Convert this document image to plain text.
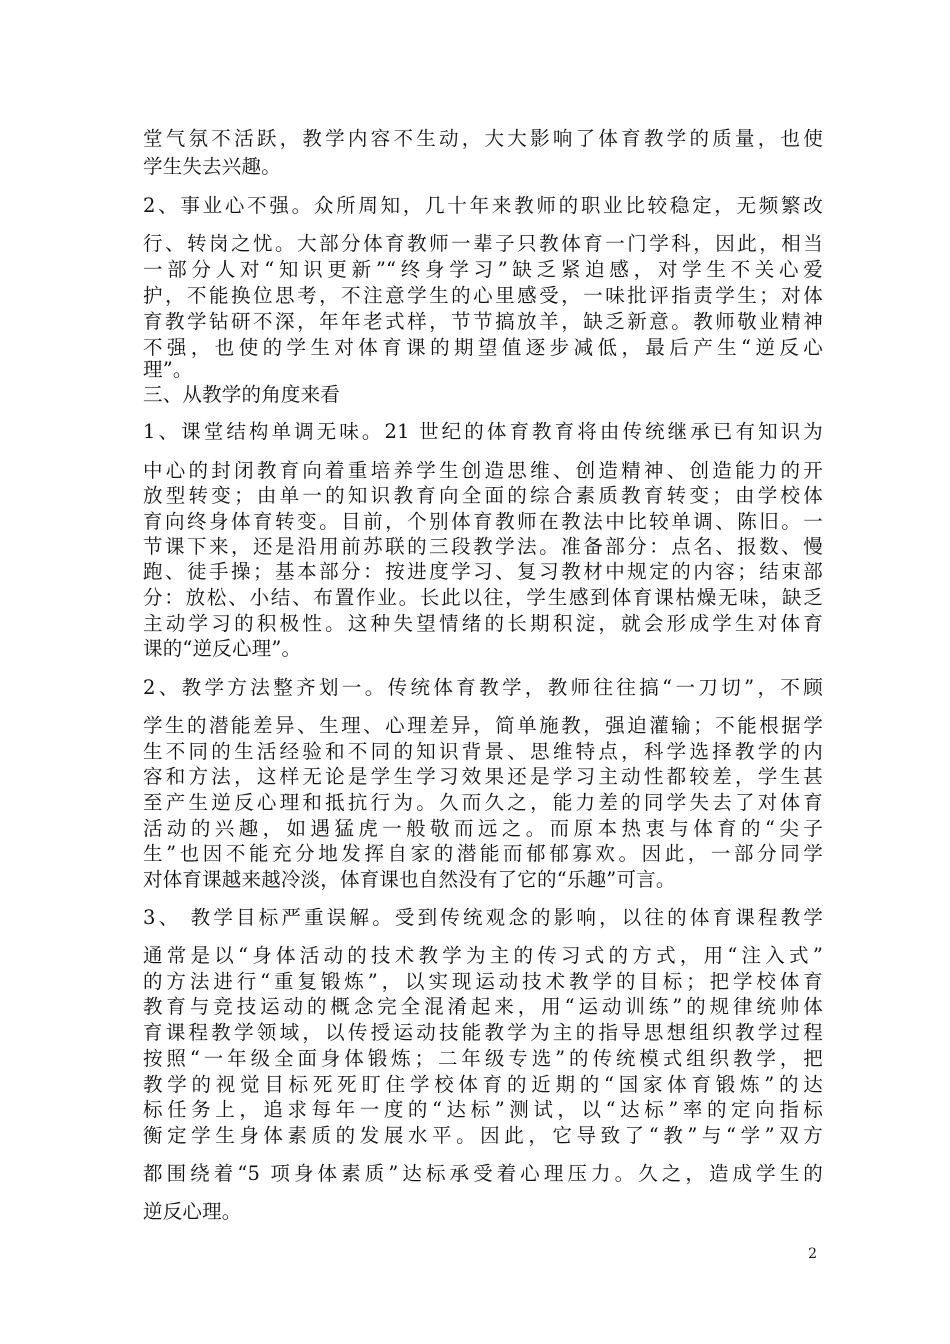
堂气氛不活跃，教学内容不生动，大大影响了体育教学的质量，也使
学生失去兴趣。
2、事业心不强。众所周知，几十年来教师的职业比较稳定，无频繁改
行、转岗之忧。大部分体育教师一辈子只教体育一门学科，因此，相当
一部分人对“知识更新”“终身学习”缺乏紧迫感，对学生不关心爱
护，不能换位思考，不注意学生的心里感受，一味批评指责学生；对体
育教学钻研不深，年年老式样，节节搞放羊，缺乏新意。教师敬业精神
不强，也使的学生对体育课的期望值逐步减低，最后产生“逆反心
理”。
三、从教学的角度来看
1、课堂结构单调无味。21 世纪的体育教育将由传统继承已有知识为
中心的封闭教育向着重培养学生创造思维、创造精神、创造能力的开
放型转变；由单一的知识教育向全面的综合素质教育转变；由学校体
育向终身体育转变。目前，个别体育教师在教法中比较单调、陈旧。一
节课下来，还是沿用前苏联的三段教学法。准备部分：点名、报数、慢
跑、徒手操；基本部分：按进度学习、复习教材中规定的内容；结束部
分：放松、小结、布置作业。长此以往，学生感到体育课枯燥无味，缺乏
主动学习的积极性。这种失望情绪的长期积淀，就会形成学生对体育
课的“逆反心理”。
2、教学方法整齐划一。传统体育教学，教师往往搞“一刀切”，不顾
学生的潜能差异、生理、心理差异，简单施教，强迫灌输；不能根据学
生不同的生活经验和不同的知识背景、思维特点，科学选择教学的内
容和方法，这样无论是学生学习效果还是学习主动性都较差，学生甚
至产生逆反心理和抵抗行为。久而久之，能力差的同学失去了对体育
活动的兴趣，如遇猛虎一般敬而远之。而原本热衷与体育的“尖子
生”也因不能充分地发挥自家的潜能而郁郁寡欢。因此，一部分同学
对体育课越来越冷淡，体育课也自然没有了它的“乐趣”可言。
3、 教学目标严重误解。受到传统观念的影响，以往的体育课程教学
通常是以“身体活动的技术教学为主的传习式的方式，用“注入式”
的方法进行“重复锻炼”，以实现运动技术教学的目标；把学校体育
教育与竞技运动的概念完全混淆起来，用“运动训练”的规律统帅体
育课程教学领域，以传授运动技能教学为主的指导思想组织教学过程
按照“一年级全面身体锻炼；二年级专选”的传统模式组织教学，把
教学的视觉目标死死盯住学校体育的近期的“国家体育锻炼”的达
标任务上，追求每年一度的“达标”测试，以“达标”率的定向指标
衡定学生身体素质的发展水平。因此，它导致了“教”与“学”双方
都围绕着“5 项身体素质”达标承受着心理压力。久之，造成学生的
逆反心理。
2
